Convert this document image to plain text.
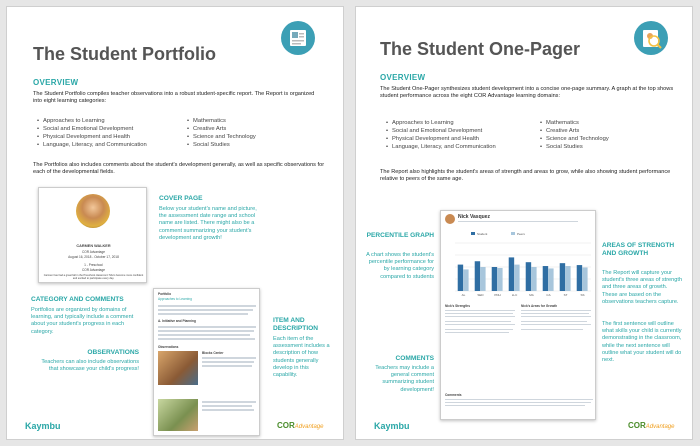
The Student Portfolio
OVERVIEW
The Student Portfolio compiles teacher observations into a robust student-specific report. The Report is organized into eight learning categories:
• Approaches to Learning
• Social and Emotional Development
• Physical Development and Health
• Language, Literacy, and Communication
• Mathematics
• Creative Arts
• Science and Technology
• Social Studies
The Portfolios also includes comments about the student's development generally, as well as specific observations for each of the developmental fields.
CARMEN WALKER
COR Advantage
August 16, 2018 - October 17, 2018
1 - Preschool
COR Advantage
Carmen has had a great fall in the Preschool classroom! She's become more confident and excited to participate every day.
COVER PAGE
Below your student's name and picture, the assessment date range and school name are listed. There might also be a comment summarizing your student's development and growth!
Portfolio
Approaches to Learning
A. Initiative and Planning
Observations
Blocks Center
CATEGORY AND COMMENTS
Portfolios are organized by domains of learning, and typically include a comment about your student's progress in each category.
OBSERVATIONS
Teachers can also include observations that showcase your child's progress!
ITEM AND DESCRIPTION
Each item of the assessment includes a description of how students generally develop in this capability.
Kaymbu	CORAdvantage
The Student One-Pager
OVERVIEW
The Student One-Pager synthesizes student development into a concise one-page summary. A graph at the top shows student performance across the eight COR Advantage learning domains:
• Approaches to Learning
• Social and Emotional Development
• Physical Development and Health
• Language, Literacy, and Communication
• Mathematics
• Creative Arts
• Science and Technology
• Social Studies
The Report also highlights the student's areas of strength and areas to grow, while also showing student performance relative to peers of the same age.
Nick Vasquez
AL	SED	PDH	LLC	MA	CA	ST	SS
Student	Peers
Nick's Strengths	Nick's Areas for Growth
Comments
PERCENTILE GRAPH
A chart shows the student's percentile performance for by learning category compared to students
AREAS OF STRENGTH AND GROWTH
The Report will capture your student's three areas of strength and three areas of growth. These are based on the observations teachers capture.
The first sentence will outline what skills your child is currently demonstrating in the classroom, while the next sentence will outline what your student will do next.
COMMENTS
Teachers may include a general comment summarizing student development!
Kaymbu	CORAdvantage
